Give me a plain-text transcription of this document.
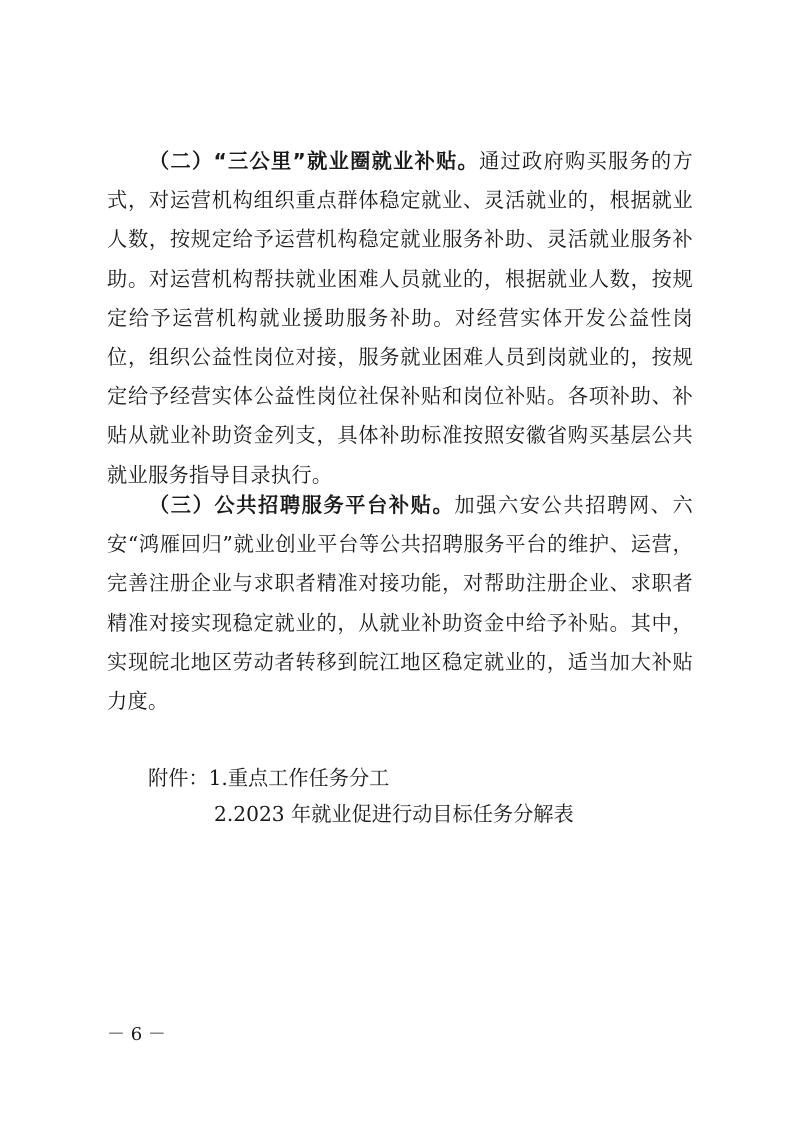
（二）“三公里”就业圈就业补贴。通过政府购买服务的方式，对运营机构组织重点群体稳定就业、灵活就业的，根据就业人数，按规定给予运营机构稳定就业服务补助、灵活就业服务补助。对运营机构帮扶就业困难人员就业的，根据就业人数，按规定给予运营机构就业援助服务补助。对经营实体开发公益性岗位，组织公益性岗位对接，服务就业困难人员到岗就业的，按规定给予经营实体公益性岗位社保补贴和岗位补贴。各项补助、补贴从就业补助资金列支，具体补助标准按照安徽省购买基层公共就业服务指导目录执行。

（三）公共招聘服务平台补贴。加强六安公共招聘网、六安“鸿雁回归”就业创业平台等公共招聘服务平台的维护、运营，完善注册企业与求职者精准对接功能，对帮助注册企业、求职者精准对接实现稳定就业的，从就业补助资金中给予补贴。其中，实现皖北地区劳动者转移到皖江地区稳定就业的，适当加大补贴力度。

附件：1.重点工作任务分工

2.2023 年就业促进行动目标任务分解表

－ 6 －
